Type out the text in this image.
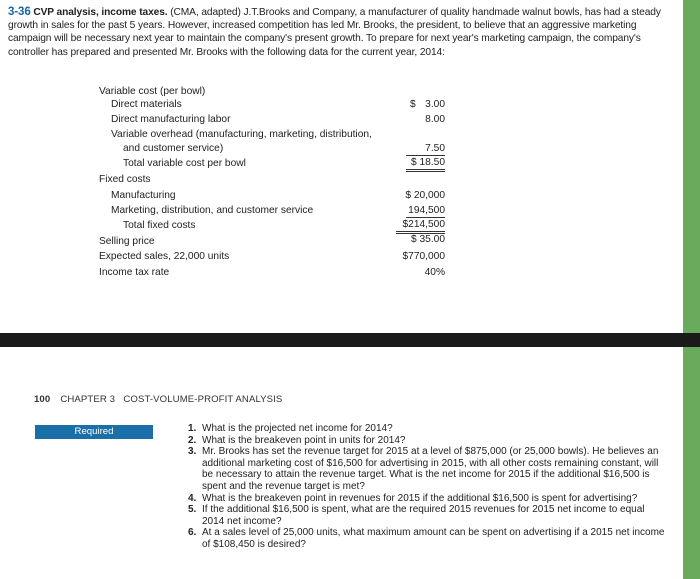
3-36 CVP analysis, income taxes. (CMA, adapted) J.T.Brooks and Company, a manufacturer of quality handmade walnut bowls, has had a steady growth in sales for the past 5 years. However, increased competition has led Mr. Brooks, the president, to believe that an aggressive marketing campaign will be necessary next year to maintain the company's present growth. To prepare for next year's marketing campaign, the company's controller has prepared and presented Mr. Brooks with the following data for the current year, 2014:
Variable cost (per bowl)
Direct materials	$ 3.00
Direct manufacturing labor	8.00
Variable overhead (manufacturing, marketing, distribution,
and customer service)	7.50
Total variable cost per bowl	$ 18.50
Fixed costs
Manufacturing	$ 20,000
Marketing, distribution, and customer service	194,500
Total fixed costs	$214,500
Selling price	$ 35.00
Expected sales, 22,000 units	$770,000
Income tax rate	40%
100 CHAPTER 3   COST-VOLUME-PROFIT ANALYSIS
Required	1. What is the projected net income for 2014?
2. What is the breakeven point in units for 2014?
3. Mr. Brooks has set the revenue target for 2015 at a level of $875,000 (or 25,000 bowls). He believes an additional marketing cost of $16,500 for advertising in 2015, with all other costs remaining constant, will be necessary to attain the revenue target. What is the net income for 2015 if the additional $16,500 is spent and the revenue target is met?
4. What is the breakeven point in revenues for 2015 if the additional $16,500 is spent for advertising?
5. If the additional $16,500 is spent, what are the required 2015 revenues for 2015 net income to equal 2014 net income?
6. At a sales level of 25,000 units, what maximum amount can be spent on advertising if a 2015 net income of $108,450 is desired?
